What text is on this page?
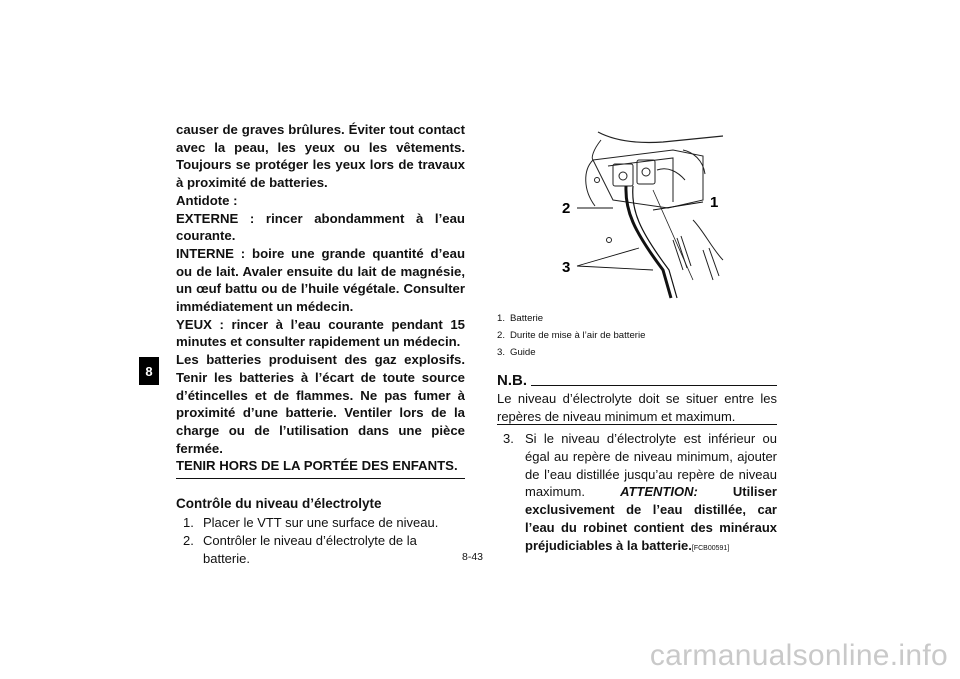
8

causer de graves brûlures. Éviter tout contact avec la peau, les yeux ou les vêtements. Toujours se protéger les yeux lors de travaux à proximité de batteries.

Antidote :

EXTERNE : rincer abondamment à l’eau courante.

INTERNE : boire une grande quantité d’eau ou de lait. Avaler ensuite du lait de magnésie, un œuf battu ou de l’huile végétale. Consulter immédiatement un médecin.

YEUX : rincer à l’eau courante pendant 15 minutes et consulter rapidement un médecin.

Les batteries produisent des gaz explosifs. Tenir les batteries à l’écart de toute source d’étincelles et de flammes. Ne pas fumer à proximité d’une batterie. Ventiler lors de la charge ou de l’utilisation dans une pièce fermée.

TENIR HORS DE LA PORTÉE DES ENFANTS.

Contrôle du niveau d’électrolyte
1. Placer le VTT sur une surface de niveau.
2. Contrôler le niveau d’électrolyte de la batterie.
2	1
3
1. Batterie
2. Durite de mise à l’air de batterie
3. Guide
N.B.
Le niveau d’électrolyte doit se situer entre les repères de niveau minimum et maximum.
3. Si le niveau d’électrolyte est inférieur ou égal au repère de niveau minimum, ajouter de l’eau distillée jusqu’au repère de niveau maximum.	ATTENTION:	Utiliser exclusivement de l’eau distillée, car l’eau du robinet contient des minéraux préjudiciables à la batterie.[FCB00591]
8-43
carmanualsonline.info
